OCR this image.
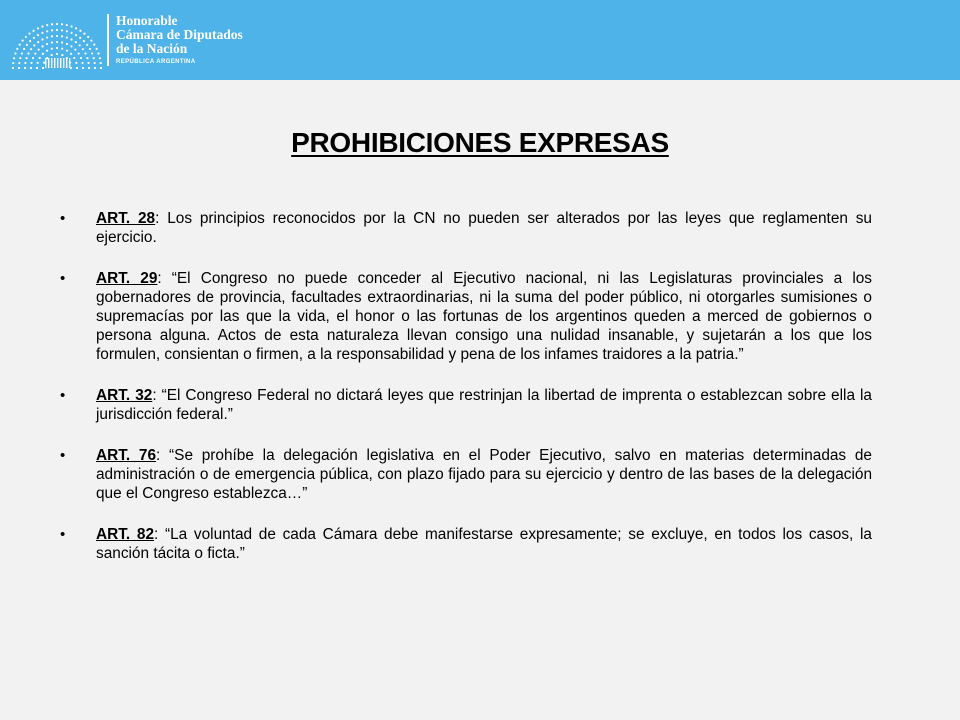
Honorable
Cámara de Diputados
de la Nación
REPÚBLICA ARGENTINA
PROHIBICIONES EXPRESAS
• ART. 28: Los principios reconocidos por la CN no pueden ser alterados por las leyes que reglamenten su ejercicio.
• ART. 29: “El Congreso no puede conceder al Ejecutivo nacional, ni las Legislaturas provinciales a los gobernadores de provincia, facultades extraordinarias, ni la suma del poder público, ni otorgarles sumisiones o supremacías por las que la vida, el honor o las fortunas de los argentinos queden a merced de gobiernos o persona alguna. Actos de esta naturaleza llevan consigo una nulidad insanable, y sujetarán a los que los formulen, consientan o firmen, a la responsabilidad y pena de los infames traidores a la patria.”
• ART. 32: “El Congreso Federal no dictará leyes que restrinjan la libertad de imprenta o establezcan sobre ella la jurisdicción federal.”
• ART. 76: “Se prohíbe la delegación legislativa en el Poder Ejecutivo, salvo en materias determinadas de administración o de emergencia pública, con plazo fijado para su ejercicio y dentro de las bases de la delegación que el Congreso establezca…”
• ART. 82: “La voluntad de cada Cámara debe manifestarse expresamente; se excluye, en todos los casos, la sanción tácita o ficta.”
